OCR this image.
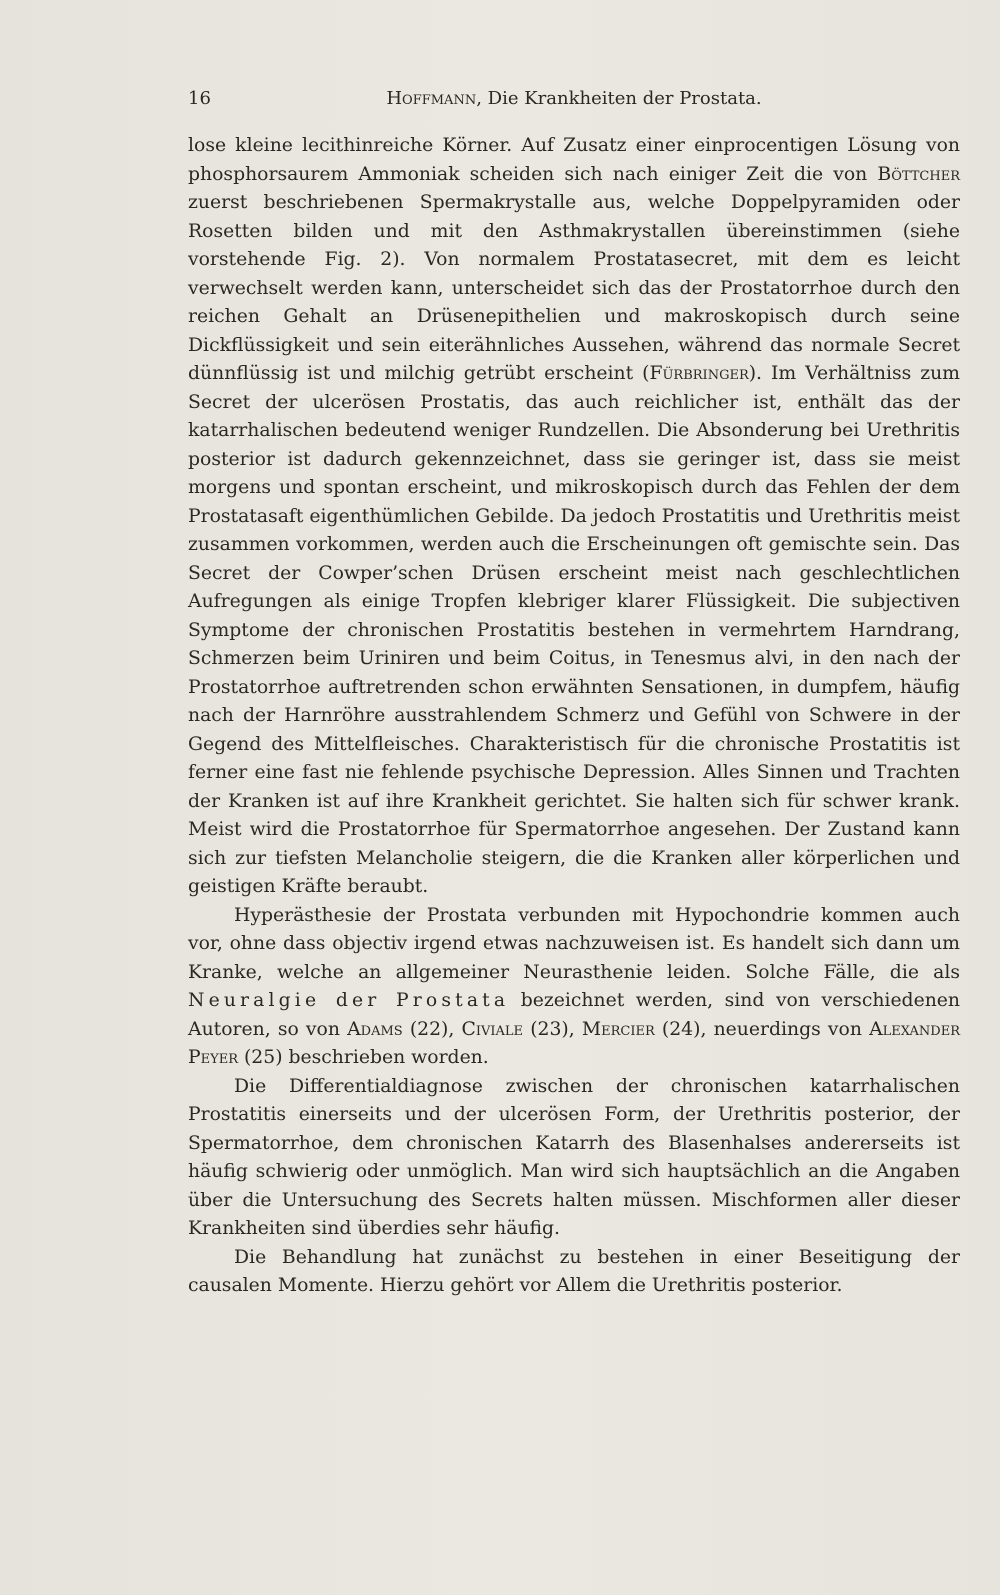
16	Hoffmann, Die Krankheiten der Prostata.

lose kleine lecithinreiche Körner. Auf Zusatz einer einprocentigen Lösung von phosphorsaurem Ammoniak scheiden sich nach einiger Zeit die von Böttcher zuerst beschriebenen Spermakrystalle aus, welche Doppelpyramiden oder Rosetten bilden und mit den Asthmakrystallen übereinstimmen (siehe vorstehende Fig. 2). Von normalem Prostatasecret, mit dem es leicht verwechselt werden kann, unterscheidet sich das der Prostatorrhoe durch den reichen Gehalt an Drüsenepithelien und makroskopisch durch seine Dickflüssigkeit und sein eiterähnliches Aussehen, während das normale Secret dünnflüssig ist und milchig getrübt erscheint (Fürbringer). Im Verhältniss zum Secret der ulcerösen Prostatis, das auch reichlicher ist, enthält das der katarrhalischen bedeutend weniger Rundzellen. Die Absonderung bei Urethritis posterior ist dadurch gekennzeichnet, dass sie geringer ist, dass sie meist morgens und spontan erscheint, und mikroskopisch durch das Fehlen der dem Prostatasaft eigenthümlichen Gebilde. Da jedoch Prostatitis und Urethritis meist zusammen vorkommen, werden auch die Erscheinungen oft gemischte sein. Das Secret der Cowper’schen Drüsen erscheint meist nach geschlechtlichen Aufregungen als einige Tropfen klebriger klarer Flüssigkeit. Die subjectiven Symptome der chronischen Prostatitis bestehen in vermehrtem Harndrang, Schmerzen beim Uriniren und beim Coitus, in Tenesmus alvi, in den nach der Prostatorrhoe auftretrenden schon erwähnten Sensationen, in dumpfem, häufig nach der Harnröhre ausstrahlendem Schmerz und Gefühl von Schwere in der Gegend des Mittelfleisches. Charakteristisch für die chronische Prostatitis ist ferner eine fast nie fehlende psychische Depression. Alles Sinnen und Trachten der Kranken ist auf ihre Krankheit gerichtet. Sie halten sich für schwer krank. Meist wird die Prostatorrhoe für Spermatorrhoe angesehen. Der Zustand kann sich zur tiefsten Melancholie steigern, die die Kranken aller körperlichen und geistigen Kräfte beraubt.

Hyperästhesie der Prostata verbunden mit Hypochondrie kommen auch vor, ohne dass objectiv irgend etwas nachzuweisen ist. Es handelt sich dann um Kranke, welche an allgemeiner Neurasthenie leiden. Solche Fälle, die als Neuralgie der Prostata bezeichnet werden, sind von verschiedenen Autoren, so von Adams (22), Civiale (23), Mercier (24), neuerdings von Alexander Peyer (25) beschrieben worden.

Die Differentialdiagnose zwischen der chronischen katarrhalischen Prostatitis einerseits und der ulcerösen Form, der Urethritis posterior, der Spermatorrhoe, dem chronischen Katarrh des Blasenhalses andererseits ist häufig schwierig oder unmöglich. Man wird sich hauptsächlich an die Angaben über die Untersuchung des Secrets halten müssen. Mischformen aller dieser Krankheiten sind überdies sehr häufig.

Die Behandlung hat zunächst zu bestehen in einer Beseitigung der causalen Momente. Hierzu gehört vor Allem die Urethritis posterior.
